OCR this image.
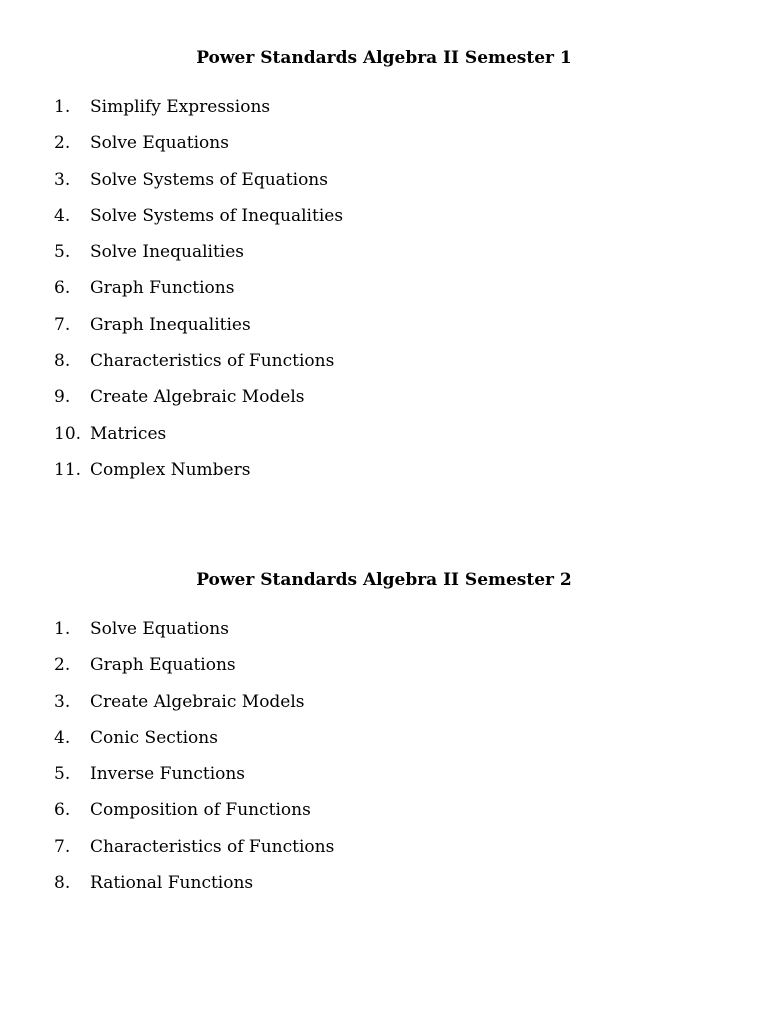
Power Standards Algebra II Semester 1
1. Simplify Expressions
2. Solve Equations
3. Solve Systems of Equations
4. Solve Systems of Inequalities
5. Solve Inequalities
6. Graph Functions
7. Graph Inequalities
8. Characteristics of Functions
9. Create Algebraic Models
10. Matrices
11. Complex Numbers
Power Standards Algebra II Semester 2
1. Solve Equations
2. Graph Equations
3. Create Algebraic Models
4. Conic Sections
5. Inverse Functions
6. Composition of Functions
7. Characteristics of Functions
8. Rational Functions
